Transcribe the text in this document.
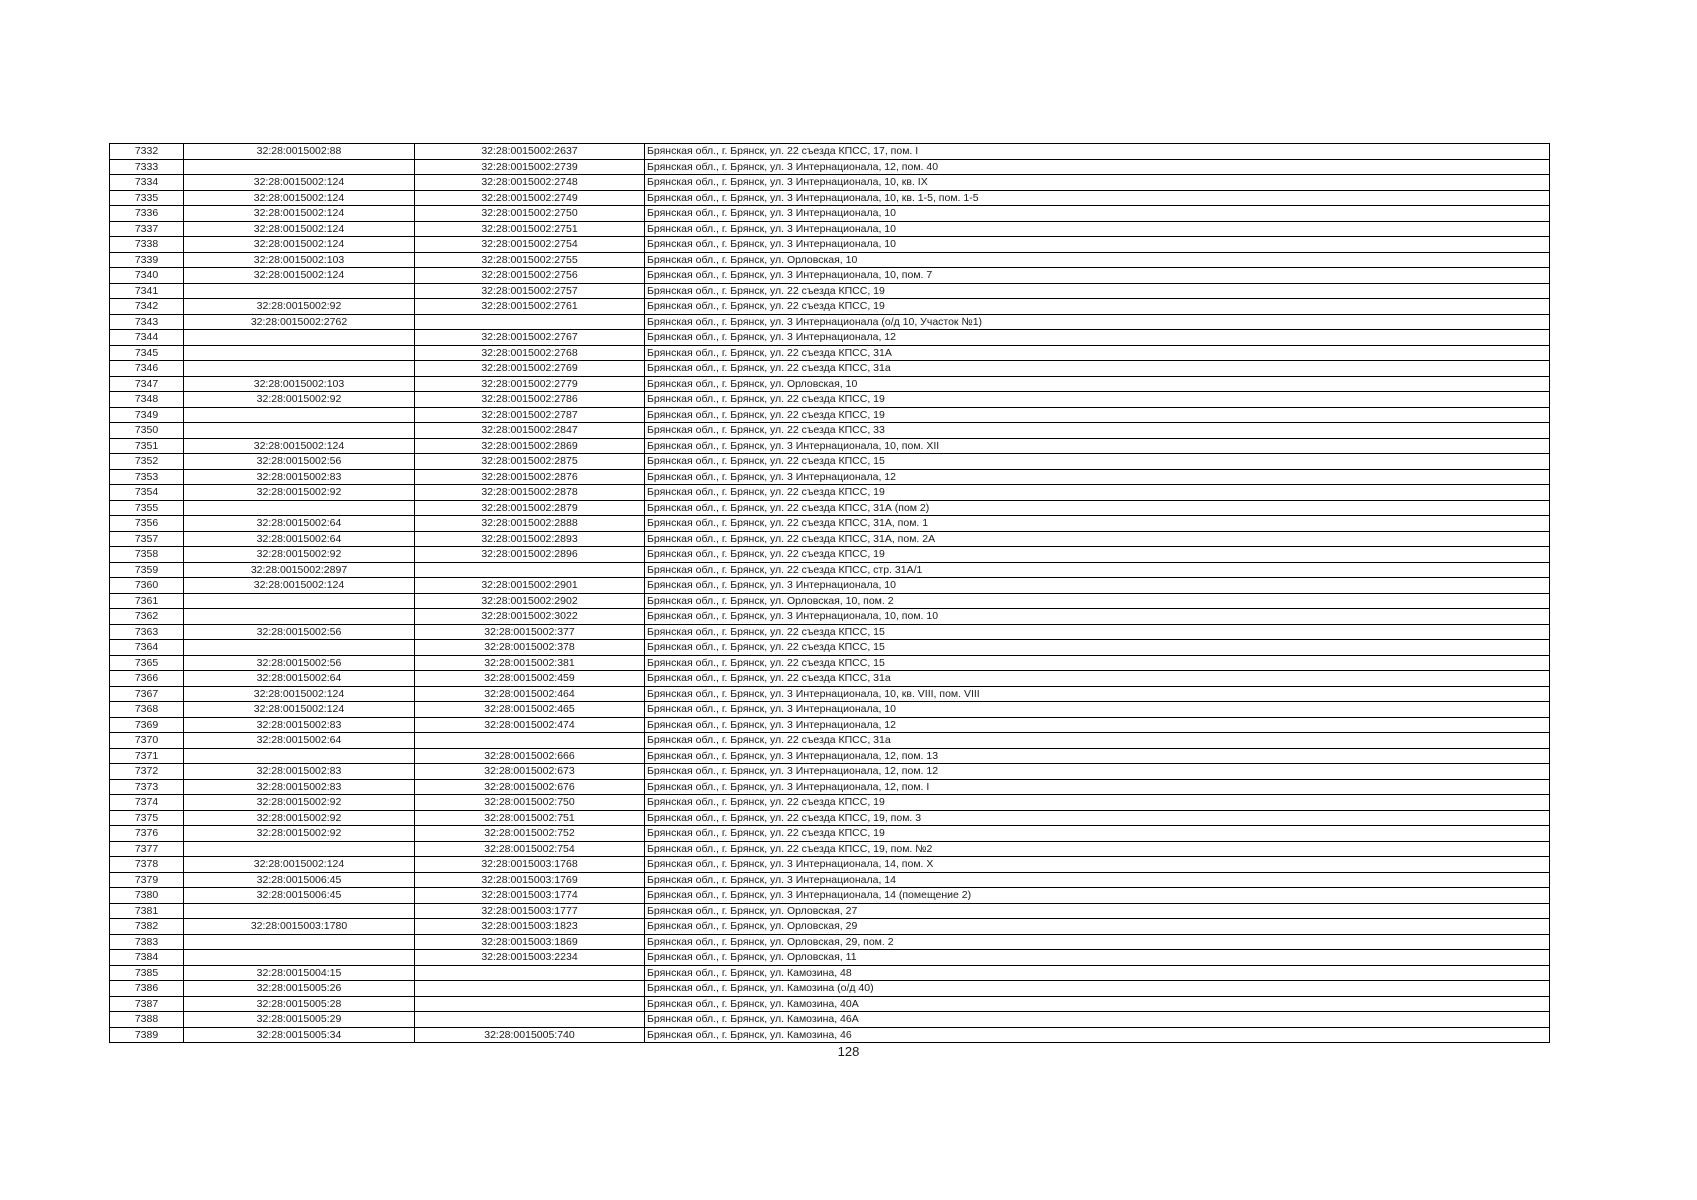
7332	32:28:0015002:88	32:28:0015002:2637	Брянская обл., г. Брянск, ул. 22 съезда КПСС, 17, пом. I
7333		32:28:0015002:2739	Брянская обл., г. Брянск, ул. 3 Интернационала, 12, пом. 40
7334	32:28:0015002:124	32:28:0015002:2748	Брянская обл., г. Брянск, ул. 3 Интернационала, 10, кв. IX
7335	32:28:0015002:124	32:28:0015002:2749	Брянская обл., г. Брянск, ул. 3 Интернационала, 10, кв. 1-5, пом. 1-5
7336	32:28:0015002:124	32:28:0015002:2750	Брянская обл., г. Брянск, ул. 3 Интернационала, 10
7337	32:28:0015002:124	32:28:0015002:2751	Брянская обл., г. Брянск, ул. 3 Интернационала, 10
7338	32:28:0015002:124	32:28:0015002:2754	Брянская обл., г. Брянск, ул. 3 Интернационала, 10
7339	32:28:0015002:103	32:28:0015002:2755	Брянская обл., г. Брянск, ул. Орловская, 10
7340	32:28:0015002:124	32:28:0015002:2756	Брянская обл., г. Брянск, ул. 3 Интернационала, 10, пом. 7
7341		32:28:0015002:2757	Брянская обл., г. Брянск, ул. 22 съезда КПСС, 19
7342	32:28:0015002:92	32:28:0015002:2761	Брянская обл., г. Брянск, ул. 22 съезда КПСС, 19
7343	32:28:0015002:2762		Брянская обл., г. Брянск, ул. 3 Интернационала (о/д 10, Участок №1)
7344		32:28:0015002:2767	Брянская обл., г. Брянск, ул. 3 Интернационала, 12
7345		32:28:0015002:2768	Брянская обл., г. Брянск, ул. 22 съезда КПСС, 31А
7346		32:28:0015002:2769	Брянская обл., г. Брянск, ул. 22 съезда КПСС, 31а
7347	32:28:0015002:103	32:28:0015002:2779	Брянская обл., г. Брянск, ул. Орловская, 10
7348	32:28:0015002:92	32:28:0015002:2786	Брянская обл., г. Брянск, ул. 22 съезда КПСС, 19
7349		32:28:0015002:2787	Брянская обл., г. Брянск, ул. 22 съезда КПСС, 19
7350		32:28:0015002:2847	Брянская обл., г. Брянск, ул. 22 съезда КПСС, 33
7351	32:28:0015002:124	32:28:0015002:2869	Брянская обл., г. Брянск, ул. 3 Интернационала, 10, пом. XII
7352	32:28:0015002:56	32:28:0015002:2875	Брянская обл., г. Брянск, ул. 22 съезда КПСС, 15
7353	32:28:0015002:83	32:28:0015002:2876	Брянская обл., г. Брянск, ул. 3 Интернационала, 12
7354	32:28:0015002:92	32:28:0015002:2878	Брянская обл., г. Брянск, ул. 22 съезда КПСС, 19
7355		32:28:0015002:2879	Брянская обл., г. Брянск, ул. 22 съезда КПСС, 31А (пом 2)
7356	32:28:0015002:64	32:28:0015002:2888	Брянская обл., г. Брянск, ул. 22 съезда КПСС, 31А, пом. 1
7357	32:28:0015002:64	32:28:0015002:2893	Брянская обл., г. Брянск, ул. 22 съезда КПСС, 31А, пом. 2А
7358	32:28:0015002:92	32:28:0015002:2896	Брянская обл., г. Брянск, ул. 22 съезда КПСС, 19
7359	32:28:0015002:2897		Брянская обл., г. Брянск, ул. 22 съезда КПСС, стр. 31А/1
7360	32:28:0015002:124	32:28:0015002:2901	Брянская обл., г. Брянск, ул. 3 Интернационала, 10
7361		32:28:0015002:2902	Брянская обл., г. Брянск, ул. Орловская, 10, пом. 2
7362		32:28:0015002:3022	Брянская обл., г. Брянск, ул. 3 Интернационала, 10, пом. 10
7363	32:28:0015002:56	32:28:0015002:377	Брянская обл., г. Брянск, ул. 22 съезда КПСС, 15
7364		32:28:0015002:378	Брянская обл., г. Брянск, ул. 22 съезда КПСС, 15
7365	32:28:0015002:56	32:28:0015002:381	Брянская обл., г. Брянск, ул. 22 съезда КПСС, 15
7366	32:28:0015002:64	32:28:0015002:459	Брянская обл., г. Брянск, ул. 22 съезда КПСС, 31а
7367	32:28:0015002:124	32:28:0015002:464	Брянская обл., г. Брянск, ул. 3 Интернационала, 10, кв. VIII, пом. VIII
7368	32:28:0015002:124	32:28:0015002:465	Брянская обл., г. Брянск, ул. 3 Интернационала, 10
7369	32:28:0015002:83	32:28:0015002:474	Брянская обл., г. Брянск, ул. 3 Интернационала, 12
7370	32:28:0015002:64		Брянская обл., г. Брянск, ул. 22 съезда КПСС, 31а
7371		32:28:0015002:666	Брянская обл., г. Брянск, ул. 3 Интернационала, 12, пом. 13
7372	32:28:0015002:83	32:28:0015002:673	Брянская обл., г. Брянск, ул. 3 Интернационала, 12, пом. 12
7373	32:28:0015002:83	32:28:0015002:676	Брянская обл., г. Брянск, ул. 3 Интернационала, 12, пом. I
7374	32:28:0015002:92	32:28:0015002:750	Брянская обл., г. Брянск, ул. 22 съезда КПСС, 19
7375	32:28:0015002:92	32:28:0015002:751	Брянская обл., г. Брянск, ул. 22 съезда КПСС, 19, пом. 3
7376	32:28:0015002:92	32:28:0015002:752	Брянская обл., г. Брянск, ул. 22 съезда КПСС, 19
7377		32:28:0015002:754	Брянская обл., г. Брянск, ул. 22 съезда КПСС, 19, пом. №2
7378	32:28:0015002:124	32:28:0015003:1768	Брянская обл., г. Брянск, ул. 3 Интернационала, 14, пом. X
7379	32:28:0015006:45	32:28:0015003:1769	Брянская обл., г. Брянск, ул. 3 Интернационала, 14
7380	32:28:0015006:45	32:28:0015003:1774	Брянская обл., г. Брянск, ул. 3 Интернационала, 14 (помещение 2)
7381		32:28:0015003:1777	Брянская обл., г. Брянск, ул. Орловская, 27
7382	32:28:0015003:1780	32:28:0015003:1823	Брянская обл., г. Брянск, ул. Орловская, 29
7383		32:28:0015003:1869	Брянская обл., г. Брянск, ул. Орловская, 29, пом. 2
7384		32:28:0015003:2234	Брянская обл., г. Брянск, ул. Орловская, 11
7385	32:28:0015004:15		Брянская обл., г. Брянск, ул. Камозина, 48
7386	32:28:0015005:26		Брянская обл., г. Брянск, ул. Камозина (о/д 40)
7387	32:28:0015005:28		Брянская обл., г. Брянск, ул. Камозина, 40А
7388	32:28:0015005:29		Брянская обл., г. Брянск, ул. Камозина, 46А
7389	32:28:0015005:34	32:28:0015005:740	Брянская обл., г. Брянск, ул. Камозина, 46
128
